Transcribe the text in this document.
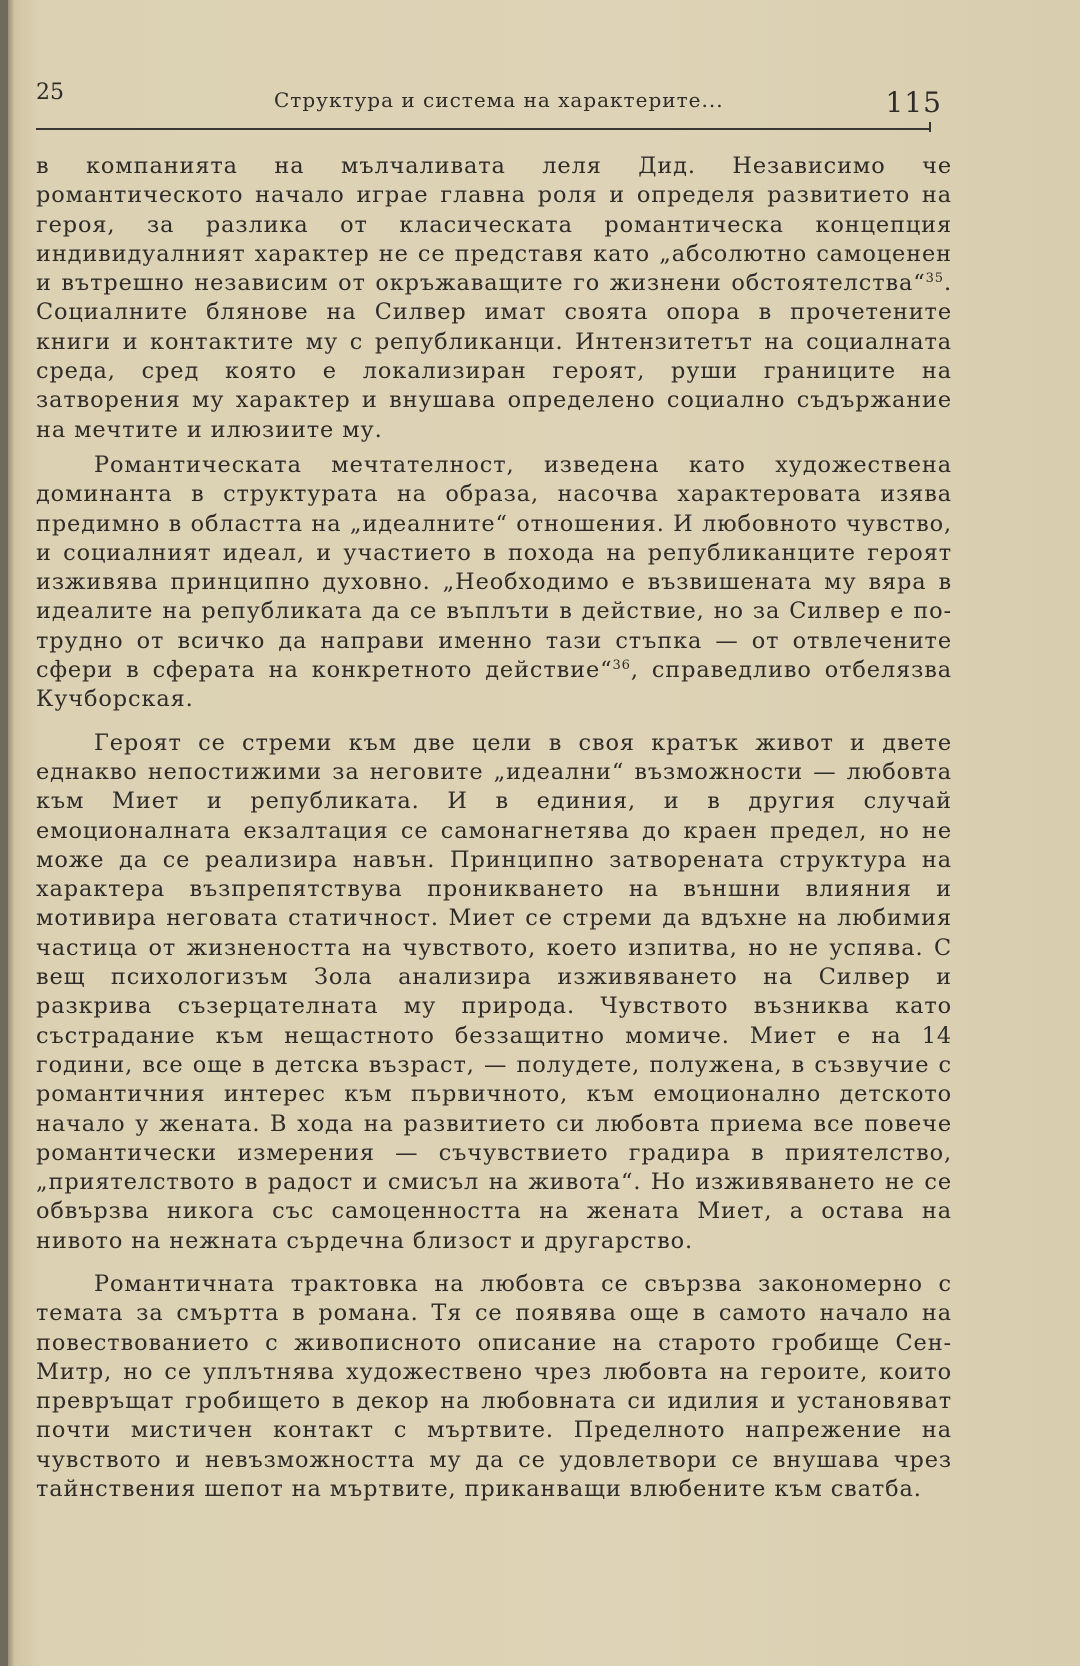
25	Структура и система на характерите...	115

в компанията на мълчаливата леля Дид. Независимо че романтическото начало играе главна роля и определя развитието на героя, за разлика от класическата романтическа концепция индивидуалният характер не се представя като „абсолютно самоценен и вътрешно независим от окръжаващите го жизнени обстоятелства“$^{35}$. Социалните блянове на Силвер имат своята опора в прочетените книги и контактите му с републиканци. Интензитетът на социалната среда, сред която е локализиран героят, руши границите на затворения му характер и внушава определено социално съдържание на мечтите и илюзиите му.

Романтическата мечтателност, изведена като художествена доминанта в структурата на образа, насочва характеровата изява предимно в областта на „идеалните“ отношения. И любовното чувство, и социалният идеал, и участието в похода на републиканците героят изживява принципно духовно. „Необходимо е възвишената му вяра в идеалите на републиката да се въплъти в действие, но за Силвер е по-трудно от всичко да направи именно тази стъпка — от отвлечените сфери в сферата на конкретното действие“$^{36}$, справедливо отбелязва Кучборская.

Героят се стреми към две цели в своя кратък живот и двете еднакво непостижими за неговите „идеални“ възможности — любовта към Миет и републиката. И в единия, и в другия случай емоционалната екзалтация се самонагнетява до краен предел, но не може да се реализира навън. Принципно затворената структура на характера възпрепятствува проникването на външни влияния и мотивира неговата статичност. Миет се стреми да вдъхне на любимия частица от жизнеността на чувството, което изпитва, но не успява. С вещ психологизъм Зола анализира изживяването на Силвер и разкрива съзерцателната му природа. Чувството възниква като състрадание към нещастното беззащитно момиче. Миет е на 14 години, все още в детска възраст, — полудете, полужена, в съзвучие с романтичния интерес към първичното, към емоционално детското начало у жената. В хода на развитието си любовта приема все повече романтически измерения — съчувствието градира в приятелство, „приятелството в радост и смисъл на живота“. Но изживяването не се обвързва никога със самоценността на жената Миет, а остава на нивото на нежната сърдечна близост и другарство.

Романтичната трактовка на любовта се свързва закономерно с темата за смъртта в романа. Тя се появява още в самото начало на повествованието с живописното описание на старото гробище Сен-Митр, но се уплътнява художествено чрез любовта на героите, които превръщат гробището в декор на любовната си идилия и установяват почти мистичен контакт с мъртвите. Пределното напрежение на чувството и невъзможността му да се удовлетвори се внушава чрез тайнствения шепот на мъртвите, приканващи влюбените към сватба.
